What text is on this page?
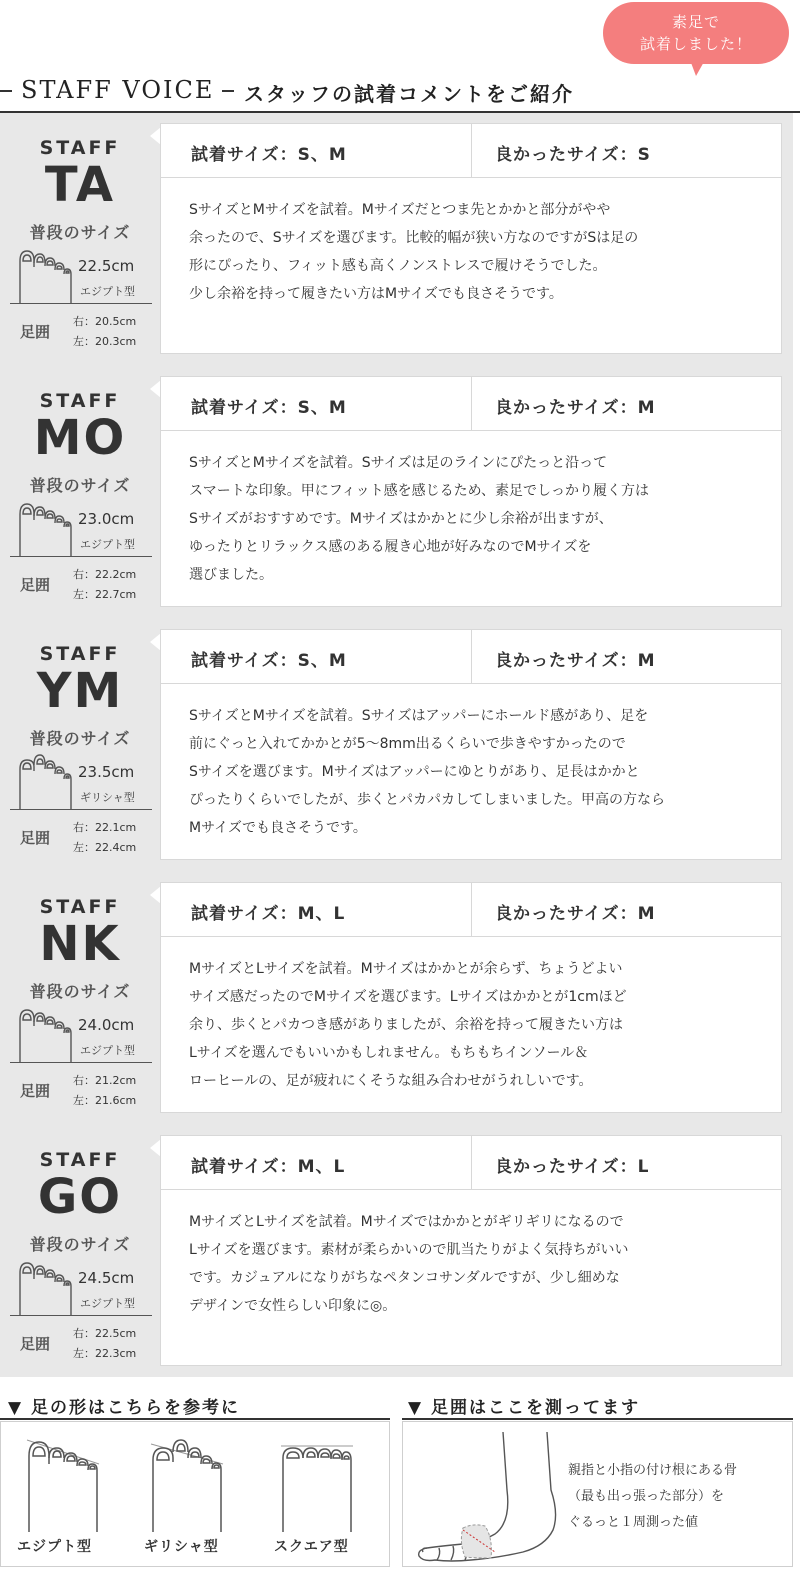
素足で
試着しました！
STAFF VOICE スタッフの試着コメントをご紹介
STAFF
TA
普段のサイズ
22.5cm
エジプト型
足囲
右：20.5cm
左：20.3cm
試着サイズ：S、M	良かったサイズ：S
SサイズとMサイズを試着。Mサイズだとつま先とかかと部分がやや
余ったので、Sサイズを選びます。比較的幅が狭い方なのですがSは足の
形にぴったり、フィット感も高くノンストレスで履けそうでした。
少し余裕を持って履きたい方はMサイズでも良さそうです。
STAFF
MO
普段のサイズ
23.0cm
エジプト型
足囲
右：22.2cm
左：22.7cm
試着サイズ：S、M	良かったサイズ：M
SサイズとMサイズを試着。Sサイズは足のラインにぴたっと沿って
スマートな印象。甲にフィット感を感じるため、素足でしっかり履く方は
Sサイズがおすすめです。Mサイズはかかとに少し余裕が出ますが、
ゆったりとリラックス感のある履き心地が好みなのでMサイズを
選びました。
STAFF
YM
普段のサイズ
23.5cm
ギリシャ型
足囲
右：22.1cm
左：22.4cm
試着サイズ：S、M	良かったサイズ：M
SサイズとMサイズを試着。Sサイズはアッパーにホールド感があり、足を
前にぐっと入れてかかとが5〜8mm出るくらいで歩きやすかったので
Sサイズを選びます。Mサイズはアッパーにゆとりがあり、足長はかかと
ぴったりくらいでしたが、歩くとパカパカしてしまいました。甲高の方なら
Mサイズでも良さそうです。
STAFF
NK
普段のサイズ
24.0cm
エジプト型
足囲
右：21.2cm
左：21.6cm
試着サイズ：M、L	良かったサイズ：M
MサイズとLサイズを試着。Mサイズはかかとが余らず、ちょうどよい
サイズ感だったのでMサイズを選びます。Lサイズはかかとが1cmほど
余り、歩くとパカつき感がありましたが、余裕を持って履きたい方は
Lサイズを選んでもいいかもしれません。もちもちインソール＆
ローヒールの、足が疲れにくそうな組み合わせがうれしいです。
STAFF
GO
普段のサイズ
24.5cm
エジプト型
足囲
右：22.5cm
左：22.3cm
試着サイズ：M、L	良かったサイズ：L
MサイズとLサイズを試着。Mサイズではかかとがギリギリになるので
Lサイズを選びます。素材が柔らかいので肌当たりがよく気持ちがいい
です。カジュアルになりがちなペタンコサンダルですが、少し細めな
デザインで女性らしい印象に◎。
▼ 足の形はこちらを参考に
エジプト型	ギリシャ型	スクエア型
▼ 足囲はここを測ってます
親指と小指の付け根にある骨
（最も出っ張った部分）を
ぐるっと１周測った値
